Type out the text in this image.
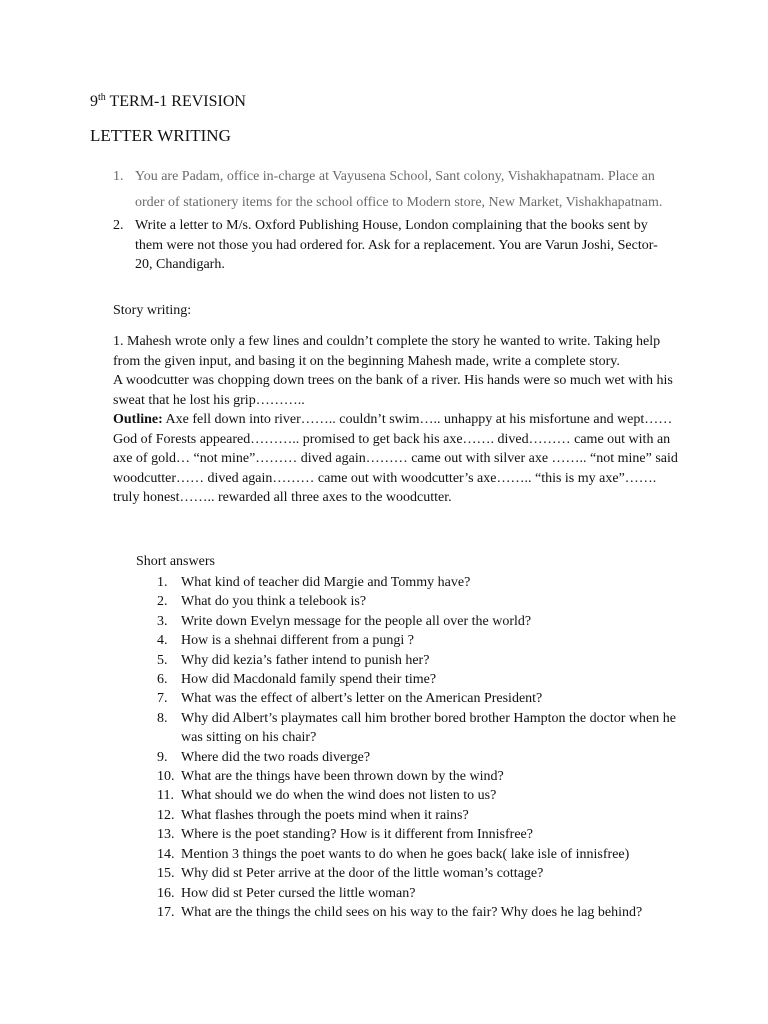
9th TERM-1 REVISION
LETTER WRITING
1. You are Padam, office in-charge at Vayusena School, Sant colony, Vishakhapatnam. Place an order of stationery items for the school office to Modern store, New Market, Vishakhapatnam.
2. Write a letter to M/s. Oxford Publishing House, London complaining that the books sent by them were not those you had ordered for. Ask for a replacement. You are Varun Joshi, Sector-20, Chandigarh.
Story writing:

1. Mahesh wrote only a few lines and couldn’t complete the story he wanted to write. Taking help from the given input, and basing it on the beginning Mahesh made, write a complete story.

A woodcutter was chopping down trees on the bank of a river. His hands were so much wet with his sweat that he lost his grip………..

Outline: Axe fell down into river…….. couldn’t swim….. unhappy at his misfortune and wept…… God of Forests appeared……….. promised to get back his axe……. dived……… came out with an axe of gold… “not mine”……… dived again……… came out with silver axe …….. “not mine” said woodcutter…… dived again……… came out with woodcutter’s axe…….. “this is my axe”……. truly honest…….. rewarded all three axes to the woodcutter.

Short answers
1. What kind of teacher did Margie and Tommy have?
2. What do you think a telebook is?
3. Write down Evelyn message for the people all over the world?
4. How is a shehnai different from a pungi ?
5. Why did kezia’s father intend to punish her?
6. How did Macdonald family spend their time?
7. What was the effect of albert’s letter on the American President?
8. Why did Albert’s playmates call him brother bored brother Hampton the doctor when he was sitting on his chair?
9. Where did the two roads diverge?
10. What are the things have been thrown down by the wind?
11. What should we do when the wind does not listen to us?
12. What flashes through the poets mind when it rains?
13. Where is the poet standing? How is it different from Innisfree?
14. Mention 3 things the poet wants to do when he goes back( lake isle of innisfree)
15. Why did st Peter arrive at the door of the little woman’s cottage?
16. How did st Peter cursed the little woman?
17. What are the things the child sees on his way to the fair? Why does he lag behind?
